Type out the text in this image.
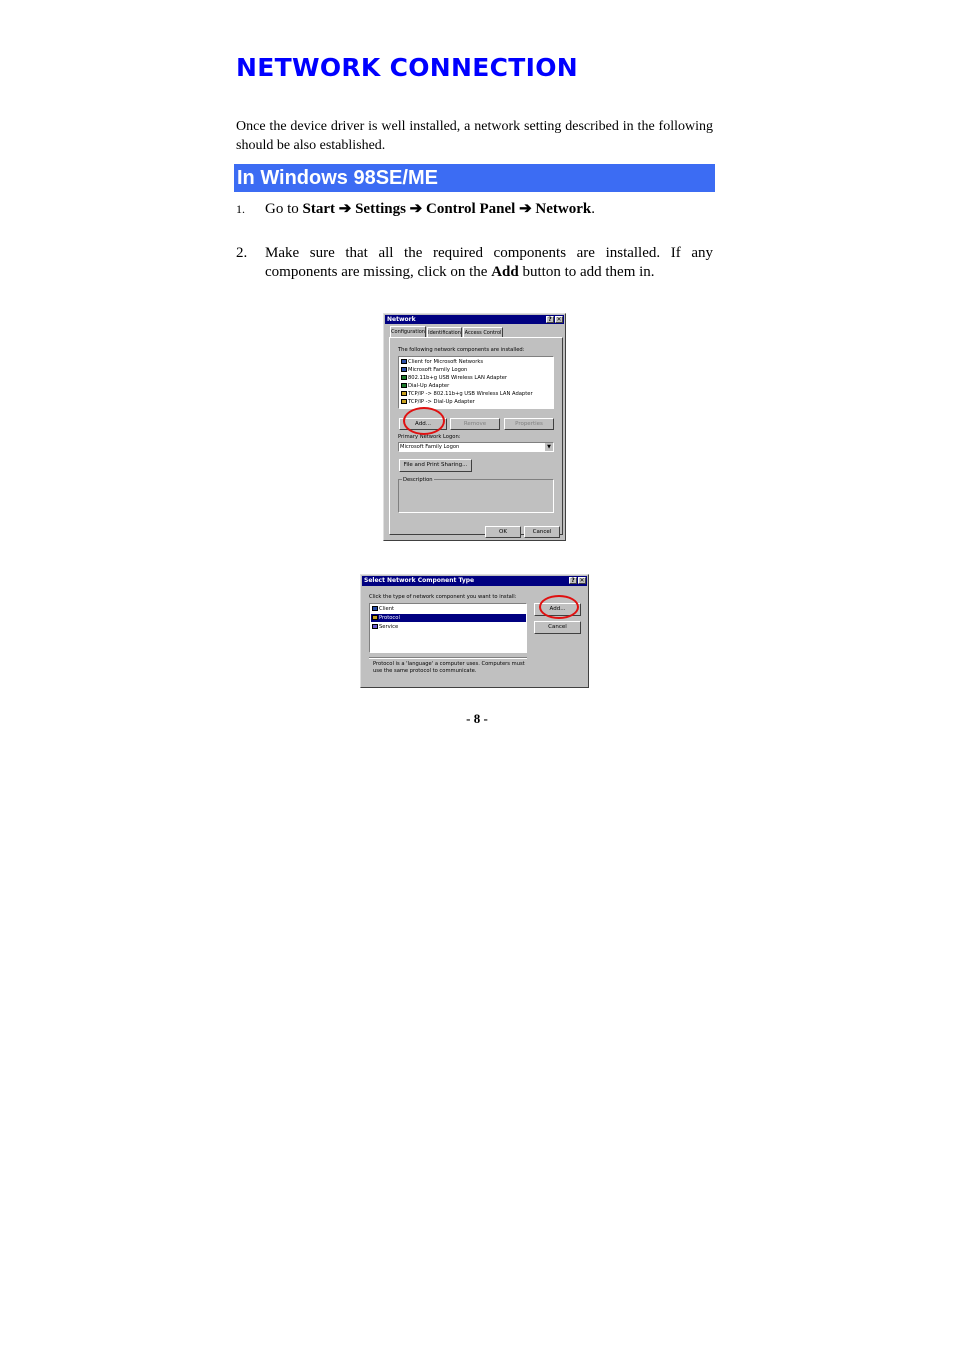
NETWORK CONNECTION

Once the device driver is well installed, a network setting described in the following should be also established.

In Windows 98SE/ME
1. Go to Start ➔ Settings ➔ Control Panel ➔ Network.
2. Make sure that all the required components are installed. If any components are missing, click on the Add button to add them in.
Network	? ✕
Configuration Identification Access Control
The following network components are installed:
Client for Microsoft Networks
Microsoft Family Logon
802.11b+g USB Wireless LAN Adapter
Dial-Up Adapter
TCP/IP -> 802.11b+g USB Wireless LAN Adapter
TCP/IP -> Dial-Up Adapter
Add...	Remove	Properties
Primary Network Logon:
Microsoft Family Logon	▼
File and Print Sharing...
Description
OK	Cancel
Select Network Component Type	? ✕
Click the type of network component you want to install:
Client
Protocol
Service
Add...
Cancel
Protocol is a 'language' a computer uses. Computers must use the same protocol to communicate.
- 8 -
